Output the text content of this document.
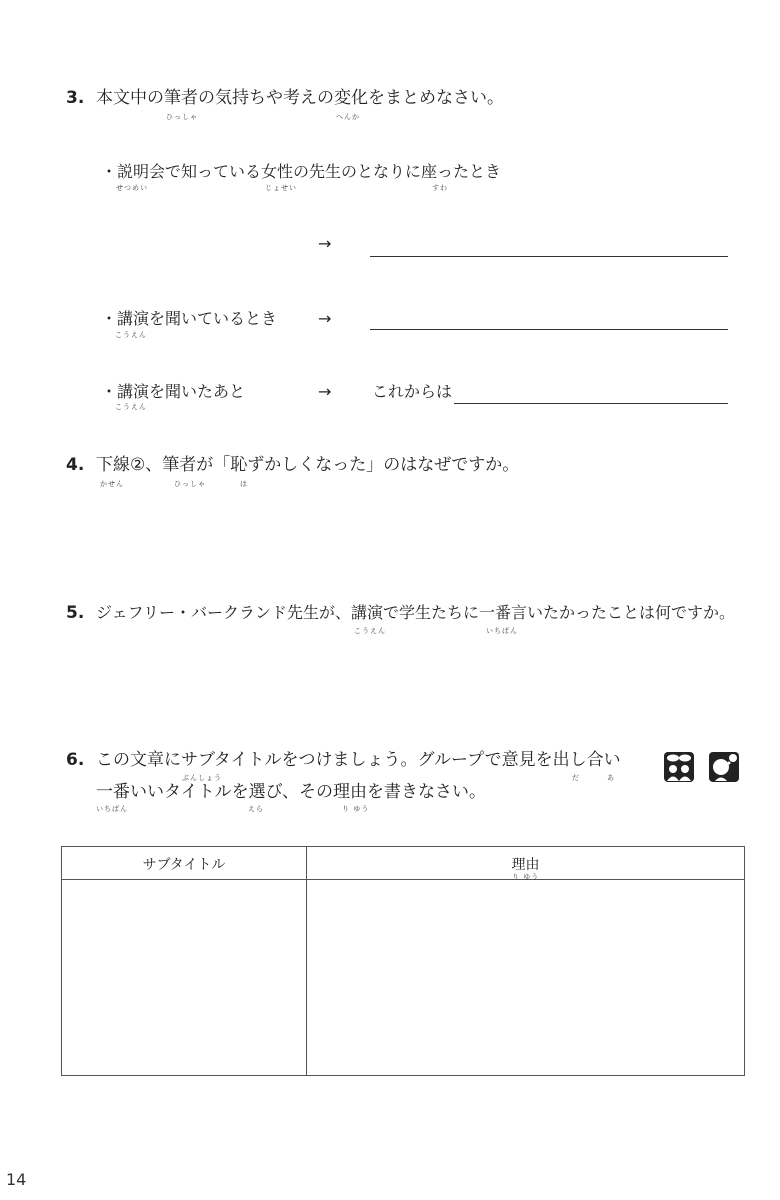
3. 本文中の筆者の気持ちや考えの変化をまとめなさい。
ひっしゃ	へんか
・説明会で知っている女性の先生のとなりに座ったとき
せつめい	じょせい	すわ
→
・講演を聞いているとき
こうえん
→
・講演を聞いたあと
こうえん
→	これからは
4. 下線②、筆者が「恥ずかしくなった」のはなぜですか。
かせん	ひっしゃ	は
5. ジェフリー・バークランド先生が、講演で学生たちに一番言いたかったことは何ですか。
こうえん	いちばん
6. この文章にサブタイトルをつけましょう。グループで意見を出し合い
ぶんしょう	だ	あ
一番いいタイトルを選び、その理由を書きなさい。
いちばん	えら	り ゆう
サブタイトル	理由
り ゆう

14
